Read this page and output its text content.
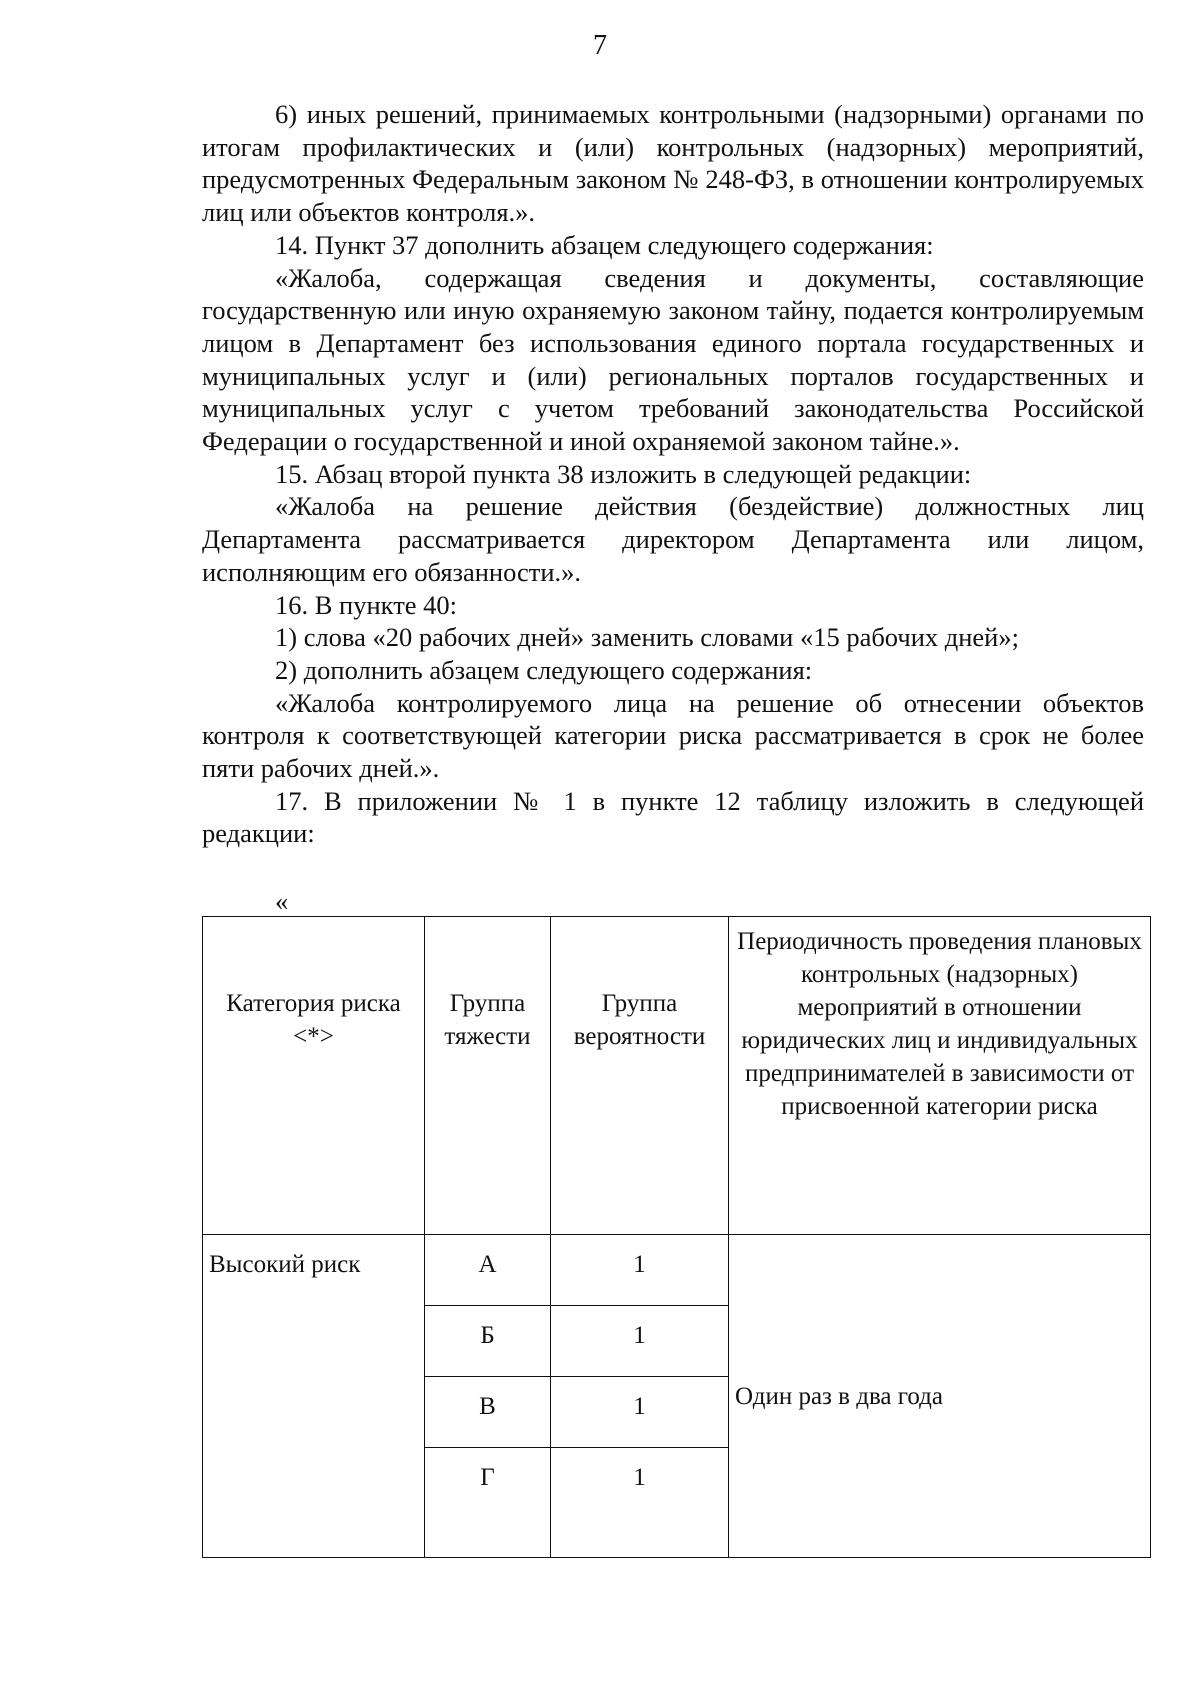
7

6) иных решений, принимаемых контрольными (надзорными) органами по итогам профилактических и (или) контрольных (надзорных) мероприятий, предусмотренных Федеральным законом № 248-ФЗ, в отношении контролируемых лиц или объектов контроля.».

14. Пункт 37 дополнить абзацем следующего содержания:

«Жалоба, содержащая сведения и документы, составляющие государственную или иную охраняемую законом тайну, подается контролируемым лицом в Департамент без использования единого портала государственных и муниципальных услуг и (или) региональных порталов государственных и муниципальных услуг с учетом требований законодательства Российской Федерации о государственной и иной охраняемой законом тайне.».

15. Абзац второй пункта 38 изложить в следующей редакции:

«Жалоба на решение действия (бездействие) должностных лиц Департамента рассматривается директором Департамента или лицом, исполняющим его обязанности.».

16. В пункте 40:

1) слова «20 рабочих дней» заменить словами «15 рабочих дней»;

2) дополнить абзацем следующего содержания:

«Жалоба контролируемого лица на решение об отнесении объектов контроля к соответствующей категории риска рассматривается в срок не более пяти рабочих дней.».

17. В приложении № 1 в пункте 12 таблицу изложить в следующей редакции:

«
Категория риска <*>	Группа тяжести	Группа вероятности	Периодичность проведения плановых контрольных (надзорных) мероприятий в отношении юридических лиц и индивидуальных предпринимателей в зависимости от присвоенной категории риска
Высокий риск	А	1	Один раз в два года
	Б	1	
	В	1	
	Г	1	
